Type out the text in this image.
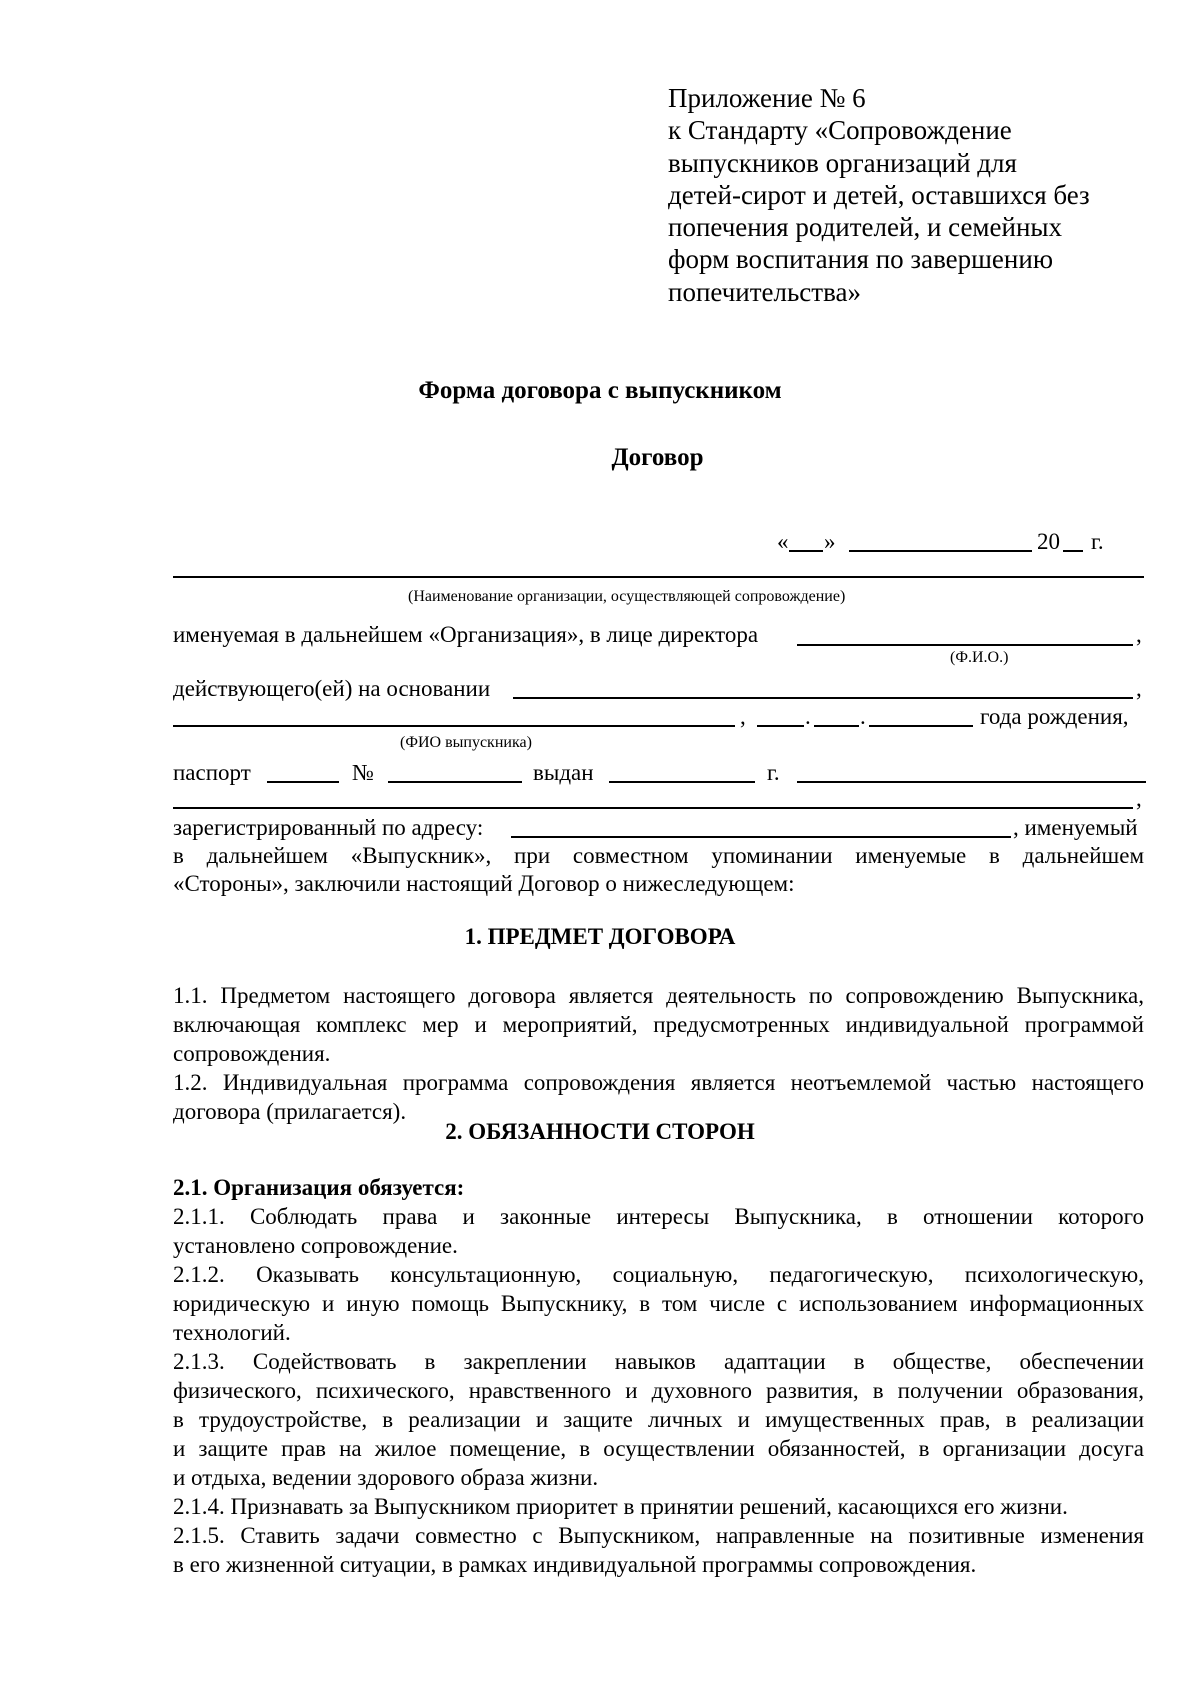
Приложение № 6
к Стандарту «Сопровождение
выпускников организаций для
детей-сирот и детей, оставшихся без
попечения родителей, и семейных
форм воспитания по завершению
попечительства»
Форма договора с выпускником
Договор
« »	20 г.
(Наименование организации, осуществляющей сопровождение)
именуемая в дальнейшем «Организация», в лице директора	,
(Ф.И.О.)
действующего(ей) на основании	,
,	. .	года рождения,
(ФИО выпускника)
паспорт	№	выдан	г.
,
зарегистрированный по адресу:	, именуемый
в дальнейшем «Выпускник», при совместном упоминании именуемые в дальнейшем
«Стороны», заключили настоящий Договор о нижеследующем:
1. ПРЕДМЕТ ДОГОВОРА
1.1. Предметом настоящего договора является деятельность по сопровождению Выпускника,
включающая комплекс мер и мероприятий, предусмотренных индивидуальной программой
сопровождения.
1.2. Индивидуальная программа сопровождения является неотъемлемой частью настоящего
договора (прилагается).
2. ОБЯЗАННОСТИ СТОРОН
2.1. Организация обязуется:
2.1.1. Соблюдать права и законные интересы Выпускника, в отношении которого
установлено сопровождение.
2.1.2. Оказывать консультационную, социальную, педагогическую, психологическую,
юридическую и иную помощь Выпускнику, в том числе с использованием информационных
технологий.
2.1.3. Содействовать в закреплении навыков адаптации в обществе, обеспечении
физического, психического, нравственного и духовного развития, в получении образования,
в трудоустройстве, в реализации и защите личных и имущественных прав, в реализации
и защите прав на жилое помещение, в осуществлении обязанностей, в организации досуга
и отдыха, ведении здорового образа жизни.
2.1.4. Признавать за Выпускником приоритет в принятии решений, касающихся его жизни.
2.1.5. Ставить задачи совместно с Выпускником, направленные на позитивные изменения
в его жизненной ситуации, в рамках индивидуальной программы сопровождения.
